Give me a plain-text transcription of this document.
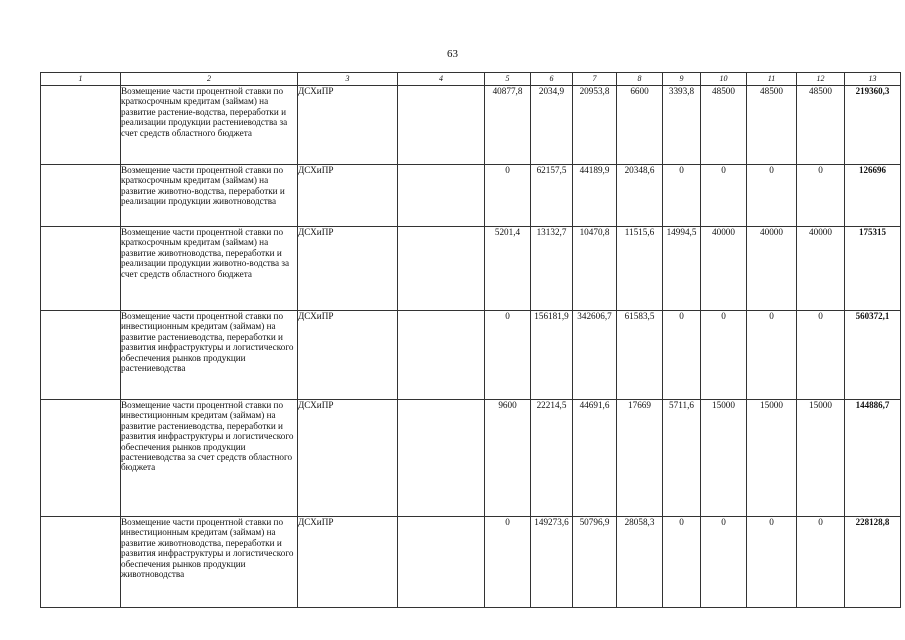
63
1	2	3	4	5	6	7	8	9	10	11	12	13
	Возмещение части процентной ставки по краткосрочным кредитам (займам) на развитие растение-водства, переработки и реализации продукции растениеводства за счет средств областного бюджета	ДСХиПР		40877,8	2034,9	20953,8	6600	3393,8	48500	48500	48500	219360,3
	Возмещение части процентной ставки по краткосрочным кредитам (займам) на развитие животно-водства, переработки и реализации продукции животноводства	ДСХиПР		0	62157,5	44189,9	20348,6	0	0	0	0	126696
	Возмещение части процентной ставки по краткосрочным кредитам (займам) на развитие животноводства, переработки и реализации продукции животно-водства за счет средств областного бюджета	ДСХиПР		5201,4	13132,7	10470,8	11515,6	14994,5	40000	40000	40000	175315
	Возмещение части процентной ставки по инвестиционным кредитам (займам) на развитие растениеводства, переработки и развития инфраструктуры и логистического обеспечения рынков продукции растениеводства	ДСХиПР		0	156181,9	342606,7	61583,5	0	0	0	0	560372,1
	Возмещение части процентной ставки по инвестиционным кредитам (займам) на развитие растениеводства, переработки и развития инфраструктуры и логистического обеспечения рынков продукции растениеводства за счет средств областного бюджета	ДСХиПР		9600	22214,5	44691,6	17669	5711,6	15000	15000	15000	144886,7
	Возмещение части процентной ставки по инвестиционным кредитам (займам) на развитие животноводства, переработки и развития инфраструктуры и логистического обеспечения рынков продукции животноводства	ДСХиПР		0	149273,6	50796,9	28058,3	0	0	0	0	228128,8
